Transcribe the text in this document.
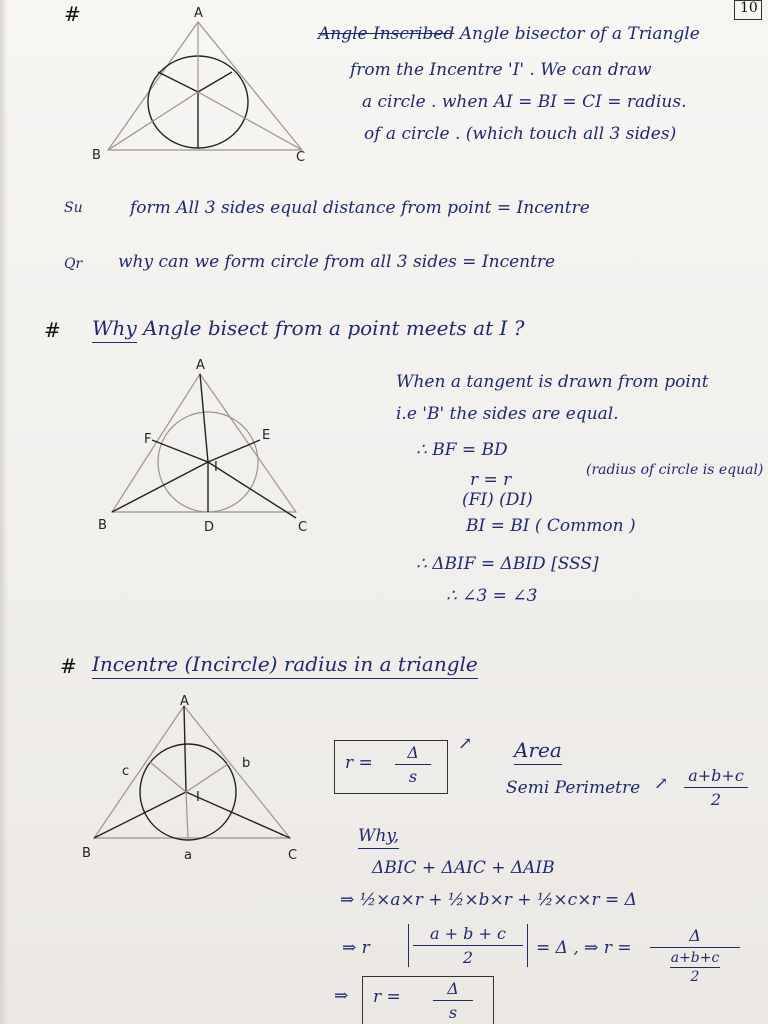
10
#	A
B	C
Angle Inscribed Angle bisector of a Triangle
from the Incentre 'I' . We can draw
a circle . when AI = BI = CI = radius.
of a circle . (which touch all 3 sides)
Su	form All 3 sides equal distance from point = Incentre
Qr why can we form circle from all 3 sides = Incentre
# Why Angle bisect from a point meets at I ?
A
B	C
D
E
F
I
When a tangent is drawn from point
i.e 'B' the sides are equal.
∴ BF = BD
r = r	(radius of circle is equal)
(FI) (DI)
BI = BI ( Common )
∴ ΔBIF = ΔBID [SSS]
∴ ∠3 = ∠3
# Incentre (Incircle) radius in a triangle
A
B	C
a
b
c
I
r =
Δ
s
↗ Area
Semi Perimetre ↗ a+b+c
2
Why,
ΔBIC + ΔAIC + ΔAIB
⇒ ½×a×r + ½×b×r + ½×c×r = Δ
⇒ r
a + b + c
2	= Δ , ⇒ r =
Δ
a+b+c
2
⇒ r =	Δ
s
